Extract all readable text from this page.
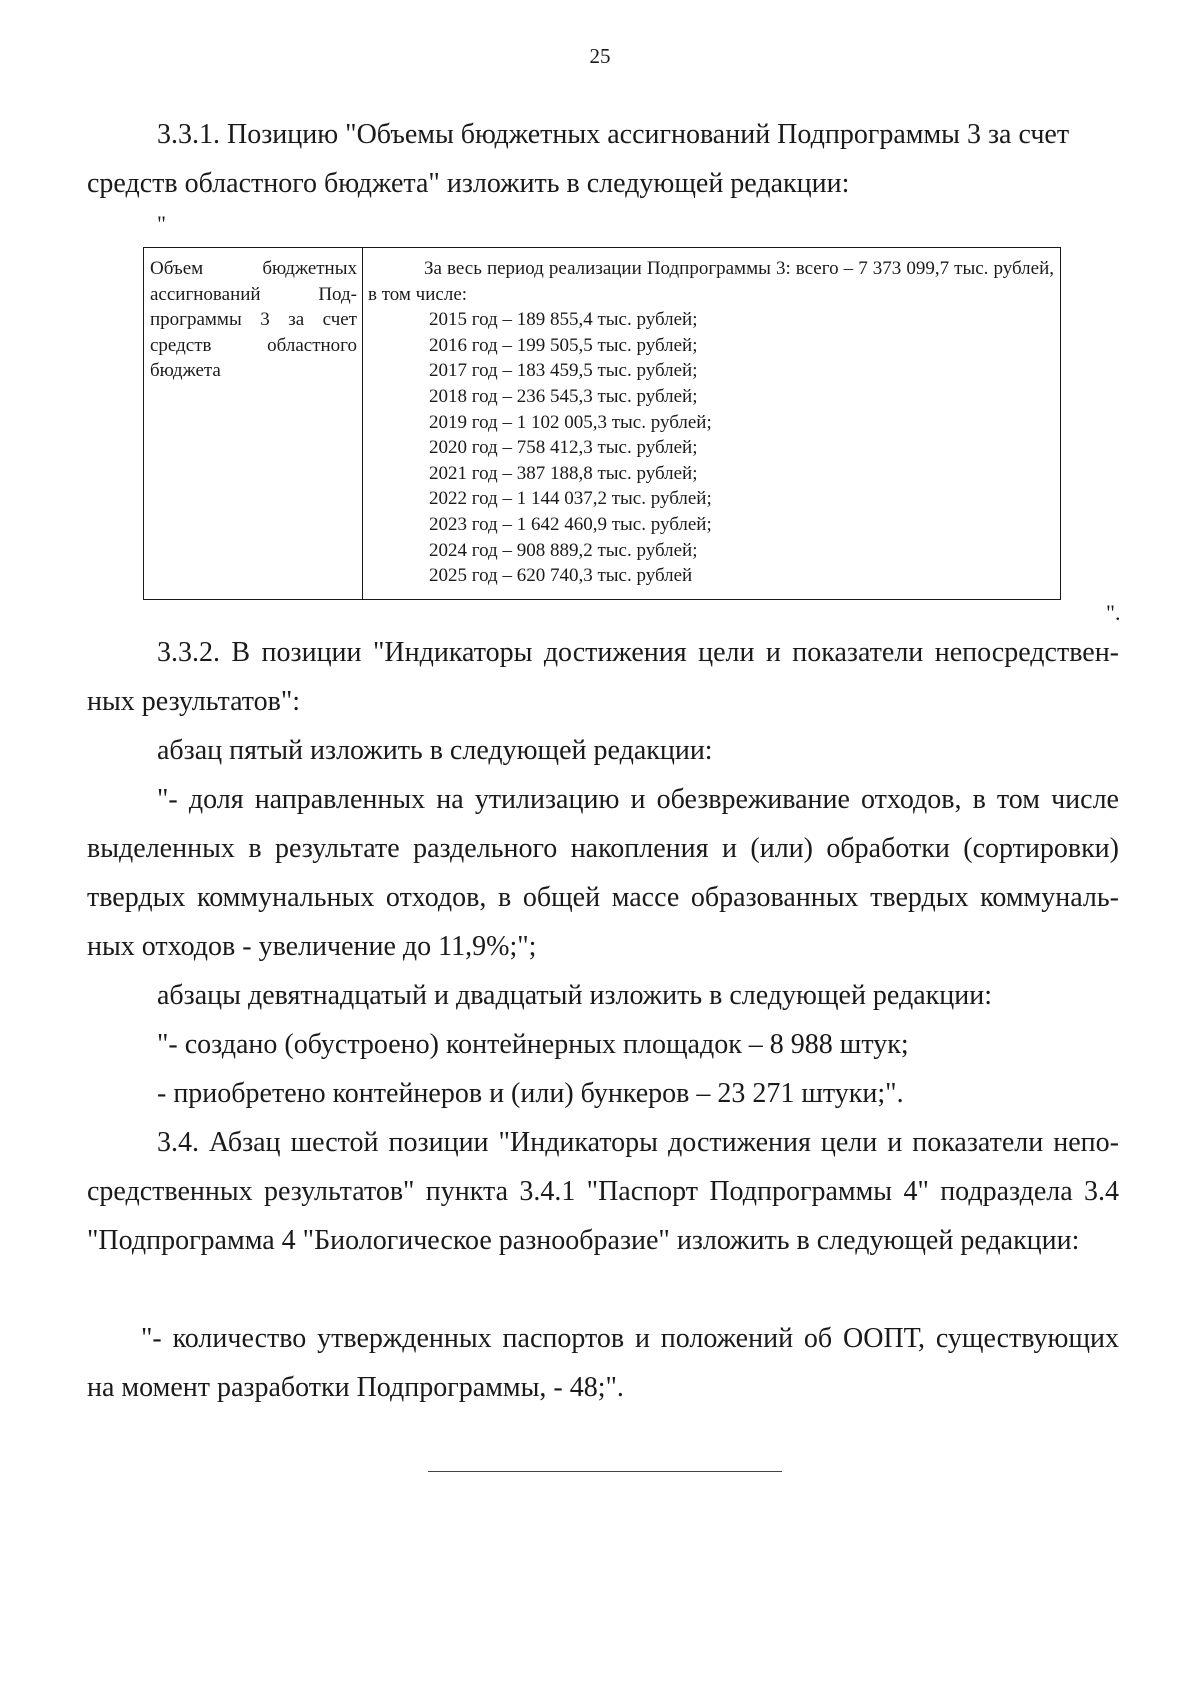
25
3.3.1. Позицию "Объемы бюджетных ассигнований Подпрограммы 3 за счет
средств областного бюджета" изложить в следующей редакции:
"
Объем бюджетных
ассигнований Под-
программы 3 за счет
средств областного
бюджета

За весь период реализации Подпрограммы 3: всего – 7 373 099,7 тыс. рублей, в том числе:

2015 год – 189 855,4 тыс. рублей;
2016 год – 199 505,5 тыс. рублей;
2017 год – 183 459,5 тыс. рублей;
2018 год – 236 545,3 тыс. рублей;
2019 год – 1 102 005,3 тыс. рублей;
2020 год – 758 412,3 тыс. рублей;
2021 год – 387 188,8 тыс. рублей;
2022 год – 1 144 037,2 тыс. рублей;
2023 год – 1 642 460,9 тыс. рублей;
2024 год – 908 889,2 тыс. рублей;
2025 год – 620 740,3 тыс. рублей
".

3.3.2. В позиции "Индикаторы достижения цели и показатели непосредственных результатов":

абзац пятый изложить в следующей редакции:

"- доля направленных на утилизацию и обезвреживание отходов, в том числе выделенных в результате раздельного накопления и (или) обработки (сортировки) твердых коммунальных отходов, в общей массе образованных твердых коммунальных отходов - увеличение до 11,9%;";

абзацы девятнадцатый и двадцатый изложить в следующей редакции:
"- создано (обустроено) контейнерных площадок – 8 988 штук;
- приобретено контейнеров и (или) бункеров – 23 271 штуки;".

3.4. Абзац шестой позиции "Индикаторы достижения цели и показатели непосредственных результатов" пункта 3.4.1 "Паспорт Подпрограммы 4" подраздела 3.4 "Подпрограмма 4 "Биологическое разнообразие" изложить в следующей редакции:

"- количество утвержденных паспортов и положений об ООПТ, существующих на момент разработки Подпрограммы, - 48;".
